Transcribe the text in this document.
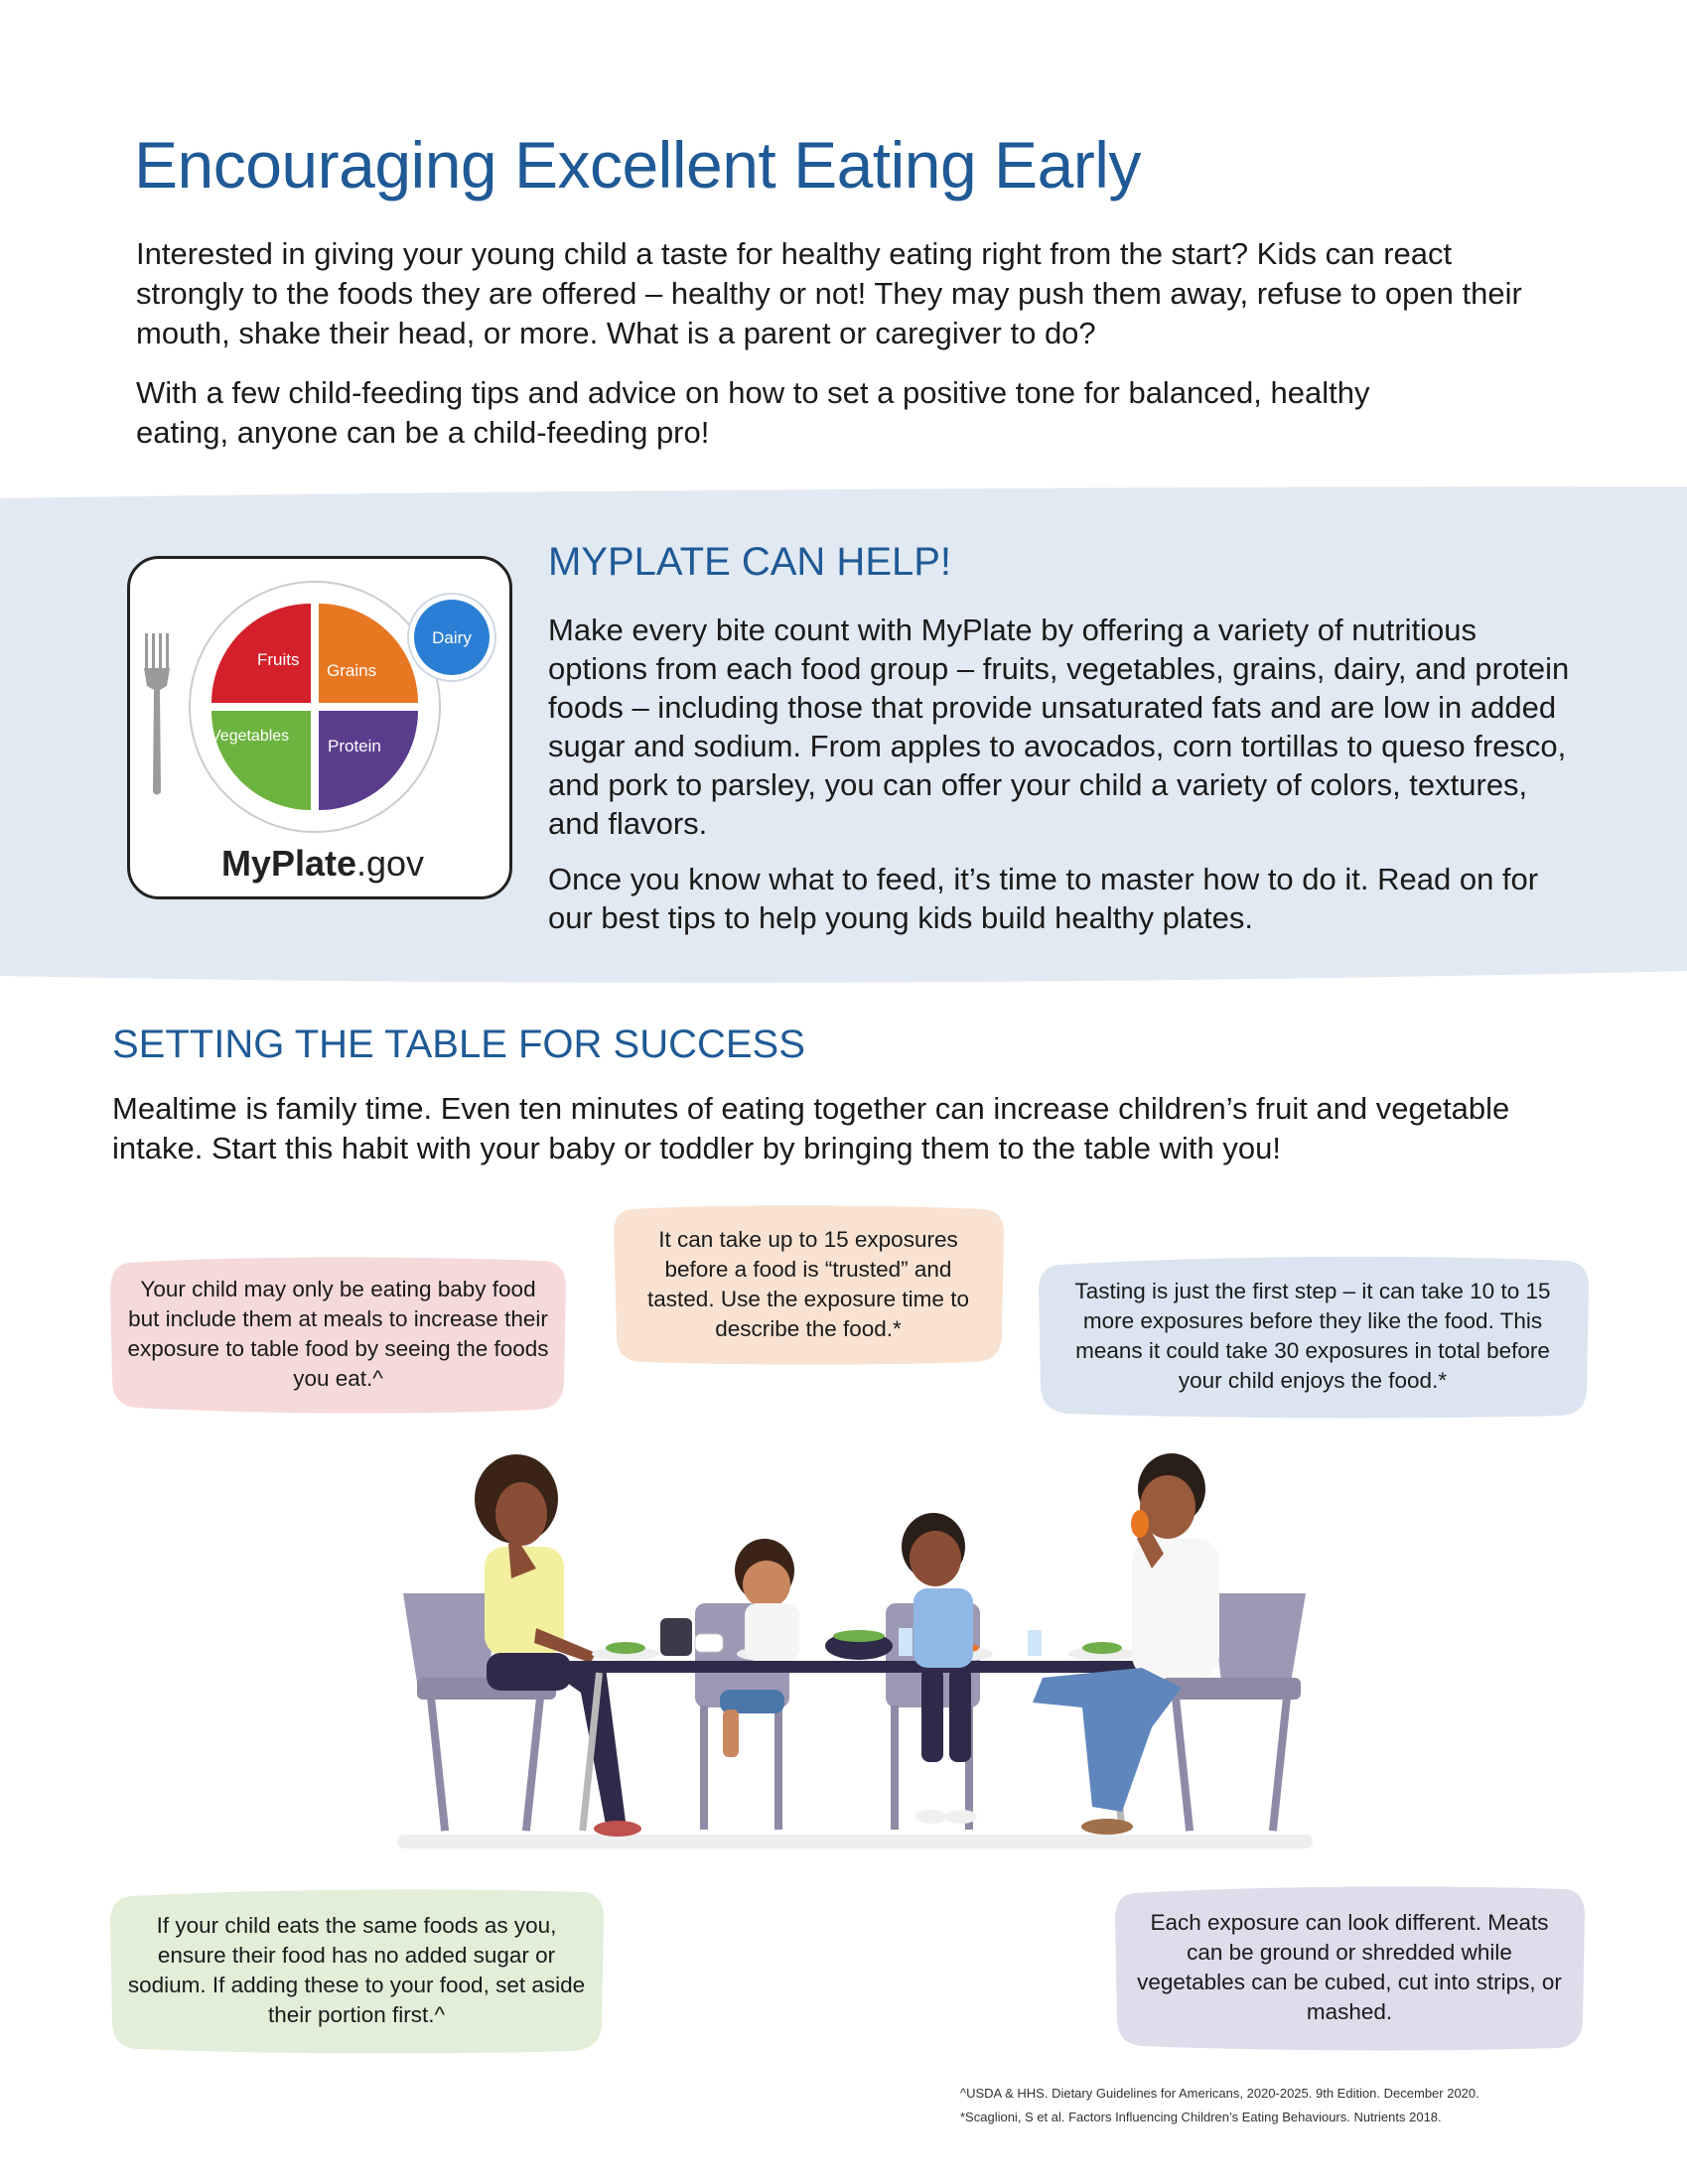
Encouraging Excellent Eating Early

Interested in giving your young child a taste for healthy eating right from the start? Kids can react strongly to the foods they are offered – healthy or not! They may push them away, refuse to open their mouth, shake their head, or more. What is a parent or caregiver to do?

With a few child-feeding tips and advice on how to set a positive tone for balanced, healthy eating, anyone can be a child-feeding pro!

Fruits
Grains
Vegetables
Protein
Dairy
MyPlate.gov
MYPLATE CAN HELP!

Make every bite count with MyPlate by offering a variety of nutritious options from each food group – fruits, vegetables, grains, dairy, and protein foods – including those that provide unsaturated fats and are low in added sugar and sodium. From apples to avocados, corn tortillas to queso fresco, and pork to parsley, you can offer your child a variety of colors, textures, and flavors.

Once you know what to feed, it’s time to master how to do it. Read on for our best tips to help young kids build healthy plates.

SETTING THE TABLE FOR SUCCESS

Mealtime is family time. Even ten minutes of eating together can increase children’s fruit and vegetable intake. Start this habit with your baby or toddler by bringing them to the table with you!

Your child may only be eating baby food but include them at meals to increase their exposure to table food by seeing the foods you eat.^
It can take up to 15 exposures before a food is “trusted” and tasted. Use the exposure time to describe the food.*
Tasting is just the first step – it can take 10 to 15 more exposures before they like the food. This means it could take 30 exposures in total before your child enjoys the food.*
If your child eats the same foods as you, ensure their food has no added sugar or sodium. If adding these to your food, set aside their portion first.^
Each exposure can look different. Meats can be ground or shredded while vegetables can be cubed, cut into strips, or mashed.
^USDA & HHS. Dietary Guidelines for Americans, 2020-2025. 9th Edition. December 2020.
*Scaglioni, S et al. Factors Influencing Children’s Eating Behaviours. Nutrients 2018.
